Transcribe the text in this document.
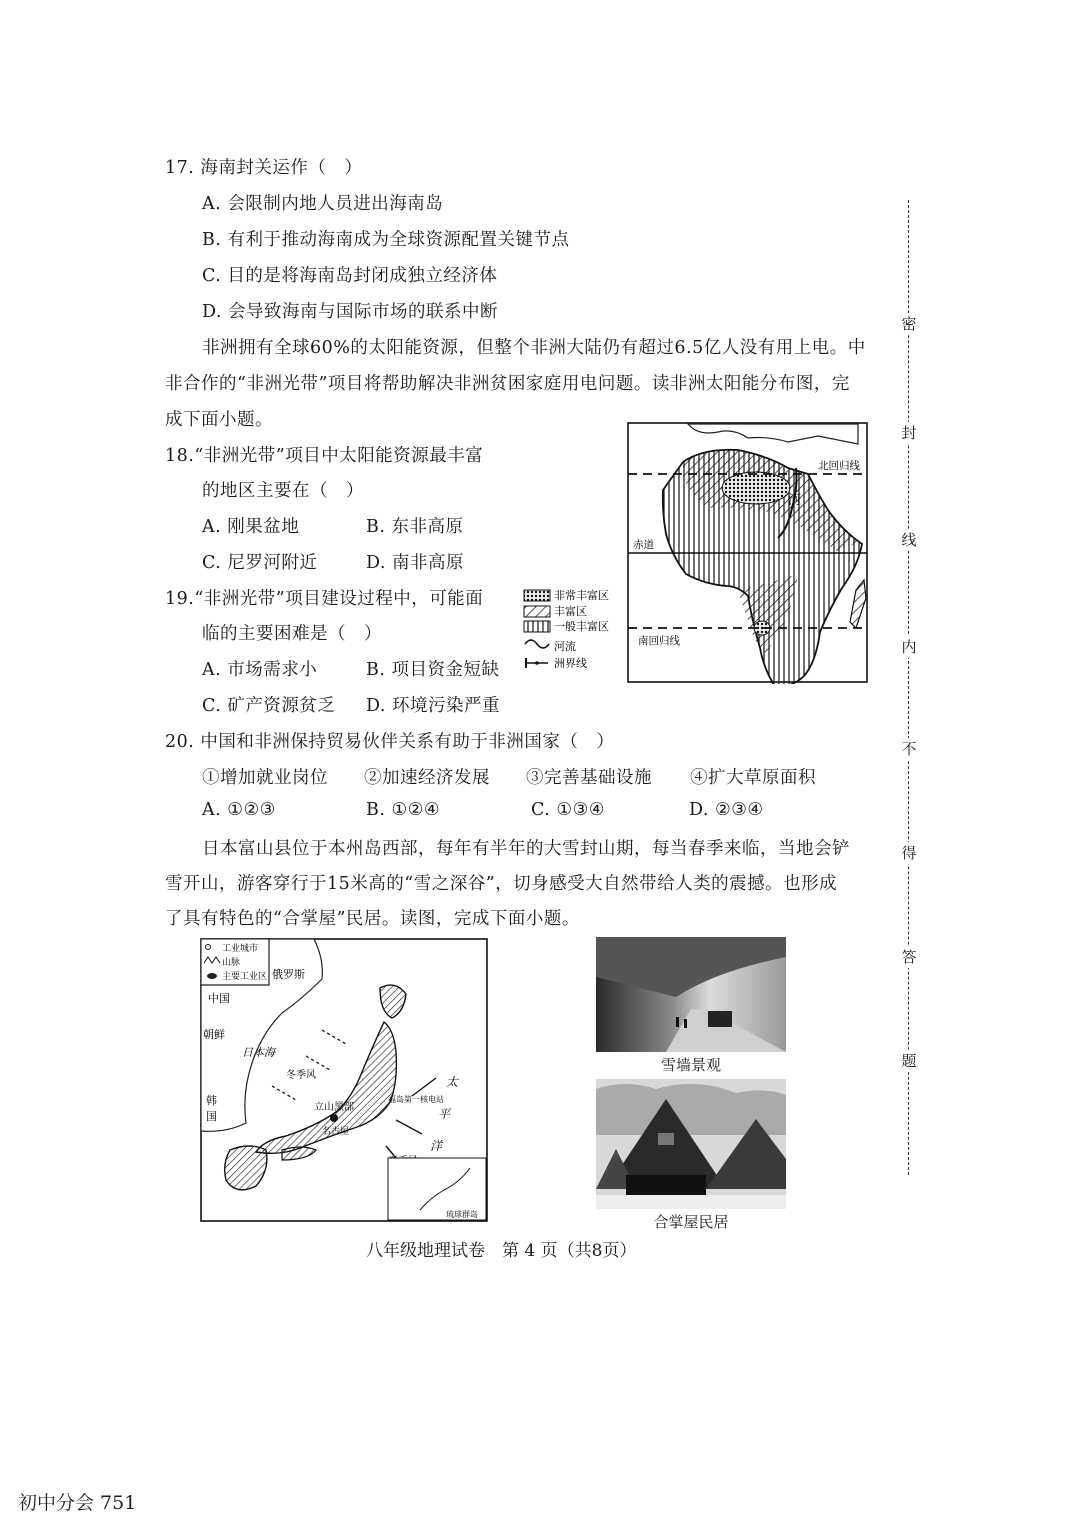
17. 海南封关运作（　）
A. 会限制内地人员进出海南岛
B. 有利于推动海南成为全球资源配置关键节点
C. 目的是将海南岛封闭成独立经济体
D. 会导致海南与国际市场的联系中断
非洲拥有全球60%的太阳能资源，但整个非洲大陆仍有超过6.5亿人没有用上电。中
非合作的“非洲光带”项目将帮助解决非洲贫困家庭用电问题。读非洲太阳能分布图，完
成下面小题。
18.“非洲光带”项目中太阳能资源最丰富
的地区主要在（　）
A. 刚果盆地	B. 东非高原
C. 尼罗河附近	D. 南非高原
19.“非洲光带”项目建设过程中，可能面
临的主要困难是（　）
A. 市场需求小	B. 项目资金短缺
C. 矿产资源贫乏 D. 环境污染严重
非常丰富区
丰富区
一般丰富区
河流
洲界线
北回归线
赤道
南回归线
河
20. 中国和非洲保持贸易伙伴关系有助于非洲国家（　）
①增加就业岗位 ②加速经济发展 ③完善基础设施 ④扩大草原面积
A. ①②③	B. ①②④	C. ①③④	D. ②③④
日本富山县位于本州岛西部，每年有半年的大雪封山期，每当春季来临，当地会铲
雪开山，游客穿行于15米高的“雪之深谷”，切身感受大自然带给人类的震撼。也形成
了具有特色的“合掌屋”民居。读图，完成下面小题。
工业城市
山脉
主要工业区 俄罗斯
中国
朝鲜
韩
国
日本海
冬季风
立山黑部
福岛第一核电站
名古屋
太
平
洋
琉球群岛
雪墙景观
合掌屋民居
密
封
线
内
不
得
答
题
八年级地理试卷　第 4 页（共8页）
初中分会 751
